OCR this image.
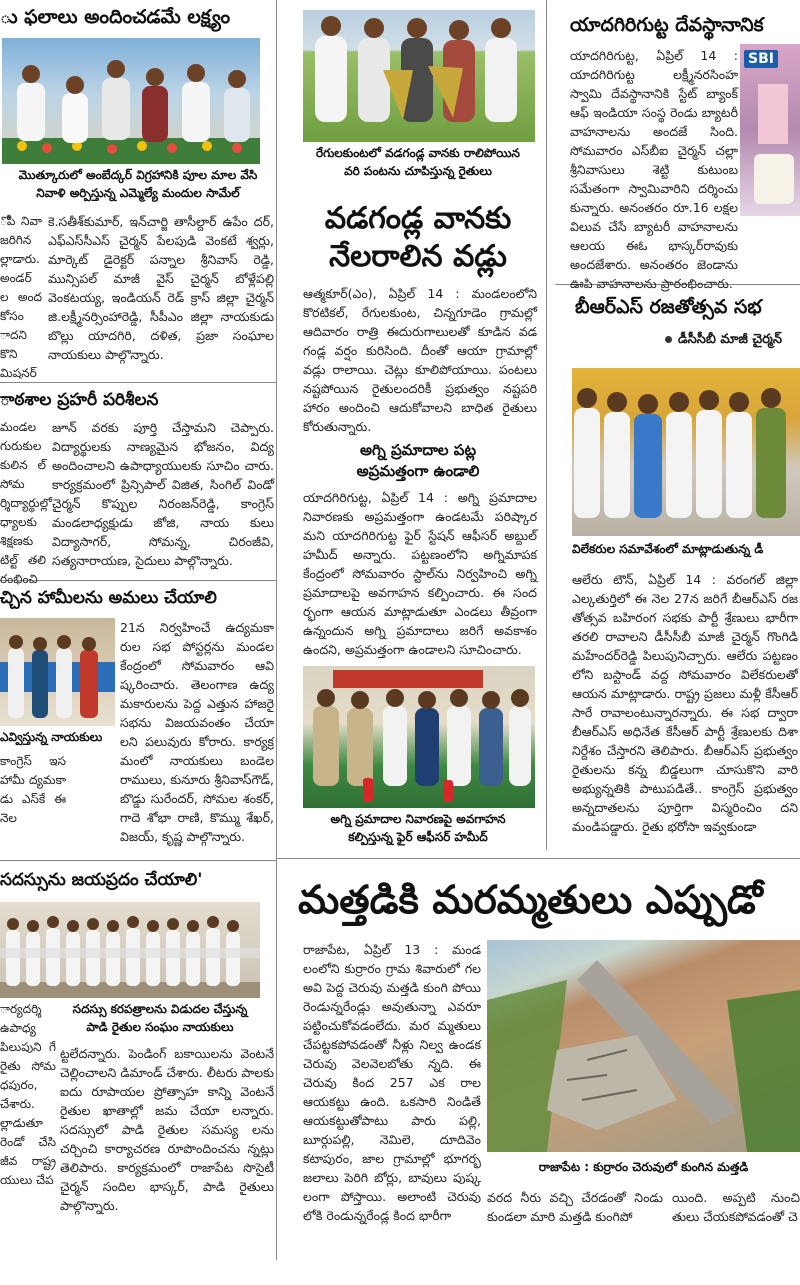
ు ఫలాలు అందించడమే లక్ష్యం
మొత్కూరులో అంబేద్కర్ విగ్రహానికి పూల మాల వేసి
నివాళి అర్పిస్తున్న ఎమ్మెల్యే మందుల సామేల్
ోపి నివా జరిగిన ల్లాడారు. అండర్ ల అంద కోసం ాదని కొని మిషనర్
కె.సతీశ్‌కుమార్, ఇన్‌చార్జి తాసీల్దార్ ఉపేం దర్, ఎఫ్ఎస్‌సీఎస్ చైర్మన్ పేలపుడి వెంకటే శ్వర్లు, మార్కెట్ డైరెక్టర్ పన్నాల శ్రీనివాస్ రెడ్డి, మున్సిపల్ మాజీ వైస్ చైర్మన్ బోళ్లేపల్లి వెంకటయ్య, ఇండియన్ రెడ్ క్రాస్ జిల్లా చైర్మన్ జి.లక్ష్మీనర్సింహారెడ్డి, సీపీఎం జిల్లా నాయకుడు బొల్లు యాదగిరి, దళిత, ప్రజా సంఘాల నాయకులు పాల్గొన్నారు.
ాఠశాల ప్రహరీ పరిశీలన
మండల గురుకుల కులిన ల్ సోమ ర్శిద్యార్థుల్లో ధ్యాలకు శిక్షణకు టిల్ట్ తలి రంభించి
జూన్ వరకు పూర్తి చేస్తామని చెప్పారు. విద్యార్థులకు నాణ్యమైన భోజనం, విద్య అందించాలని ఉపాధ్యాయులకు సూచిం చారు. కార్యక్రమంలో ప్రిన్సిపాల్ విజిత, సింగిల్ విండో చైర్మన్ కొప్పుల నిరంజన్‌రెడ్డి, కాంగ్రెస్ మండలాధ్యక్షుడు జోజి, నాయ కులు విద్యాసాగర్, సోమన్న, చిరంజీవి, సత్యనారాయణ, సైదులు పాల్గొన్నారు.
చ్చిన హామీలను అమలు చేయాలి
ఎవ్విస్తున్న నాయకులు
21న నిర్వహించే ఉద్యమకా రుల సభ పోస్టర్లను మండల కేంద్రంలో సోమవారం ఆవి ష్కరించారు. తెలంగాణ ఉద్య మకారులను పెద్ద ఎత్తున హాజరై సభను విజయవంతం చేయా లని పలువురు కోరారు. కార్యక్ర మంలో నాయకులు బండెల రాములు, కునూరు శ్రీనివాస్‌గౌడ్, బొడ్డు సురేందర్, సోమల శంకర్, గాదె శోభా రాణి, కొమ్ము శేఖర్, విజయ్, కృష్ణ పాల్గొన్నారు.
కాంగ్రెస్ ఇస హామీ ద్యమకా డు ఎస్‌కే ఈ నెల
సదస్సును జయప్రదం చేయాలి'
సదస్సు కరపత్రాలను విడుదల చేస్తున్న
పాడి రైతుల సంఘం నాయకులు
ార్యదర్శి ఉపాధ్య పిలుపుని గే రైతు సోమ ధపురం, చేశారు. ల్లాడుతూ రెండో చేసి జీవ రాష్ట్ర యులు చేప
ట్టలేదన్నారు. పెండింగ్ బకాయిలను వెంటనే చెల్లించాలని డిమాండ్ చేశారు. లీటరు పాలకు ఐదు రూపాయల ప్రోత్సాహ కాన్ని వెంటనే రైతుల ఖాతాల్లో జమ చేయా లన్నారు. సదస్సులో పాడి రైతుల సమస్య లను చర్చించి కార్యాచరణ రూపొందించను న్నట్లు తెలిపారు. కార్యక్రమంలో రాజాపేట సొసైటీ చైర్మన్ సందిల భాస్కర్, పాడి రైతులు పాల్గొన్నారు.
రేగులకుంటలో వడగండ్ల వానకు రాలిపోయిన
వరి పంటను చూపిస్తున్న రైతులు
వడగండ్ల వానకు
నేలరాలిన వడ్లు
ఆత్మకూర్(ఎం), ఏప్రిల్ 14 : మండలంలోని కొరటికల్, రేగులకుంట, చిన్నగూడెం గ్రామల్లో ఆదివారం రాత్రి ఈదురుగాలులతో కూడిన వడ గండ్ల వర్షం కురిసింది. దీంతో ఆయా గ్రామాల్లో వడ్లు రాలాయి. చెట్లు కూలిపోయాయి. పంటలు నష్టపోయిన రైతులందరికీ ప్రభుత్వం నష్టపరి హారం అందించి ఆదుకోవాలని బాధిత రైతులు కోరుతున్నారు.
అగ్ని ప్రమాదాల పట్ల
అప్రమత్తంగా ఉండాలి
యాదగిరిగుట్ట, ఏప్రిల్ 14 : అగ్ని ప్రమాదాల నివారణకు అప్రమత్తంగా ఉండటమే పరిష్కార మని యాదగిరిగుట్ట ఫైర్ స్టేషన్ ఆఫీసర్ అబ్దుల్ హమీద్ అన్నారు. పట్టణంలోని అగ్నిమాపక కేంద్రంలో సోమవారం స్టాల్‌ను నిర్వహించి అగ్ని ప్రమాదాలపై అవగాహన కల్పించారు. ఈ సంద ర్భంగా ఆయన మాట్లాడుతూ ఎండలు తీవ్రంగా ఉన్నందున అగ్ని ప్రమాదాలు జరిగే అవకాశం ఉందని, అప్రమత్తంగా ఉండాలని సూచించారు.
అగ్ని ప్రమాదాల నివారణపై అవగాహన
కల్పిస్తున్న ఫైర్ ఆఫీసర్ హమీద్
యాదగిరిగుట్ట దేవస్థానానిక
యాదగిరిగుట్ట, ఏప్రిల్ 14 : యాదగిరిగుట్ట లక్ష్మీనరసింహ స్వామి దేవస్థానానికి స్టేట్ బ్యాంక్ ఆఫ్ ఇండియా సంస్థ రెండు బ్యాటరీ వాహనాలను అందజే సింది. సోమవారం ఎస్‌బీఐ చైర్మన్ చల్లా శ్రీనివాసులు శెట్టి కుటుంబ సమేతంగా స్వామివారిని దర్శించు కున్నారు. అనంతరం రూ.16 లక్షల విలువ చేసే బ్యాటరీ వాహనాలను ఆలయ ఈఓ భాస్కర్‌రావుకు అందజేశారు. అనంతరం జెండాను ఊపి వాహనాలను ప్రారంభించారు.
SBI
బీఆర్‌ఎస్ రజతోత్సవ సభ
డీసీసీబీ మాజీ చైర్మన్
విలేకరుల సమావేశంలో మాట్లాడుతున్న డీ
ఆలేరు టౌన్, ఏప్రిల్ 14 : వరంగల్ జిల్లా ఎల్కతుర్తిలో ఈ నెల 27న జరిగే బీఆర్‌ఎస్ రజ తోత్సవ బహిరంగ సభకు పార్టీ శ్రేణులు భారీగా తరలి రావాలని డీసీసీబీ మాజీ చైర్మన్ గొంగిడి మహేందర్‌రెడ్డి పిలుపునిచ్చారు. ఆలేరు పట్టణం లోని బస్టాండ్ వద్ద సోమవారం విలేకరులతో ఆయన మాట్లాడారు. రాష్ట్ర ప్రజలు మళ్లీ కేసీఆర్ సారే రావాలంటున్నారన్నారు. ఈ సభ ద్వారా బీఆర్‌ఎస్ అధినేత కేసీఆర్ పార్టీ శ్రేణులకు దిశా నిర్దేశం చేస్తారని తెలిపారు. బీఆర్‌ఎస్ ప్రభుత్వం రైతులను కన్న బిడ్డలుగా చూసుకొని వారి అభ్యున్నతికి పాటుపడితే.. కాంగ్రెస్ ప్రభుత్వం అన్నదాతలను పూర్తిగా విస్మరించిం దని మండిపడ్డారు. రైతు భరోసా ఇవ్వకుండా
మత్తడికి మరమ్మతులు ఎప్పుడో
రాజాపేట, ఏప్రిల్ 13 : మండ లంలోని కుర్రారం గ్రామ శివారులో గల అవి పెద్ద చెరువు మత్తడి కుంగి పోయి రెండున్నరేండ్లు అవుతున్నా ఎవరూ పట్టించుకోవడంలేదు. మర మ్మతులు చేపట్టకపోవడంతో నీళ్లు నిల్వ ఉండక చెరువు వెలవెలబోతు న్నది. ఈ చెరువు కింద 257 ఎక రాల ఆయకట్టు ఉంది. ఒకసారి నిండితే ఆయకట్టుతోపాటు పారు పల్లి, బూర్గుపల్లి, నెమిలె, దూదివెం కటాపురం, జాల గ్రామాల్లో భూగర్భ జలాలు పెరిగి బోర్లు, బావులు పుష్క లంగా పోస్తాయి. అలాంటి చెరువు లోకి రెండున్నరేండ్ల కింద భారీగా
రాజాపేట : కుర్రారం చెరువులో కుంగిన మత్తడి
వరద నీరు వచ్చి చేరడంతో నిండు కుండలా మారి మత్తడి కుంగిపో
యింది. అప్పటి నుంచి తులు చేయకపోవడంతో చె
